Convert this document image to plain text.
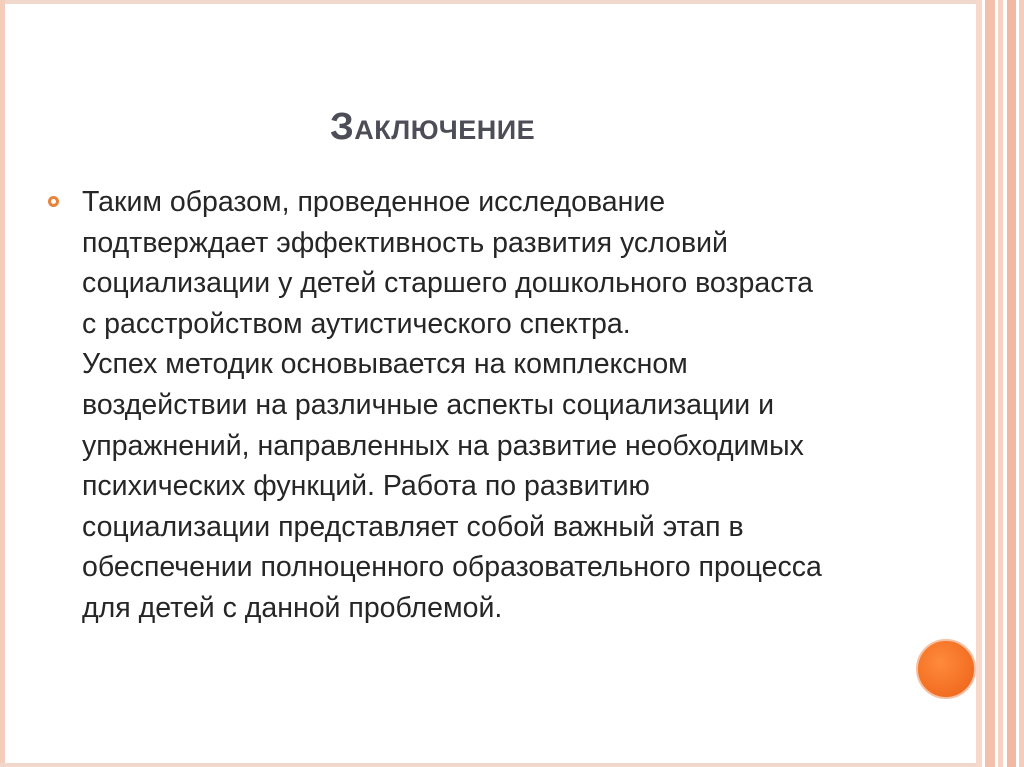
Заключение
Таким образом, проведенное исследование
подтверждает эффективность развития условий
социализации у детей старшего дошкольного возраста
с расстройством аутистического спектра.
Успех методик основывается на комплексном
воздействии на различные аспекты социализации и
упражнений, направленных на развитие необходимых
психических функций. Работа по развитию
социализации представляет собой важный этап в
обеспечении полноценного образовательного процесса
для детей с данной проблемой.
